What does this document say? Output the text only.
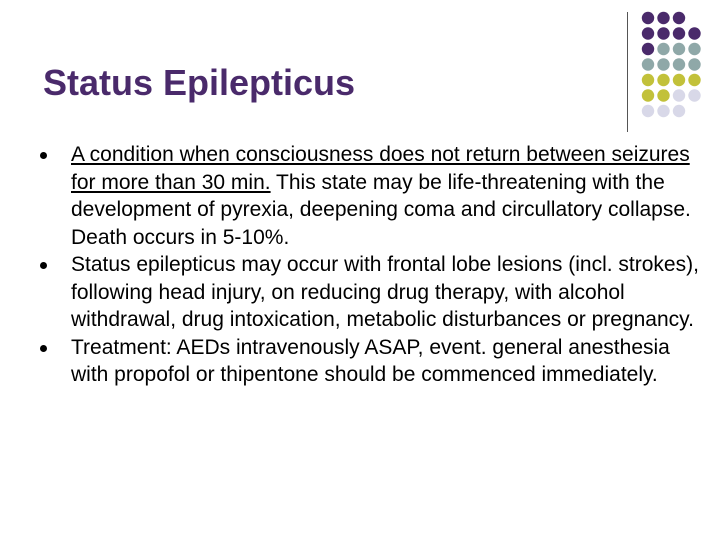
Status Epilepticus
A condition when consciousness does not return between seizures for more than 30 min. This state may be life-threatening with the development of pyrexia, deepening coma and circullatory collapse. Death occurs in 5-10%.
Status epilepticus may occur with frontal lobe lesions (incl. strokes), following head injury, on reducing drug therapy, with alcohol withdrawal, drug intoxication, metabolic disturbances or pregnancy.
Treatment: AEDs intravenously ASAP, event. general anesthesia with propofol or thipentone should be commenced immediately.
